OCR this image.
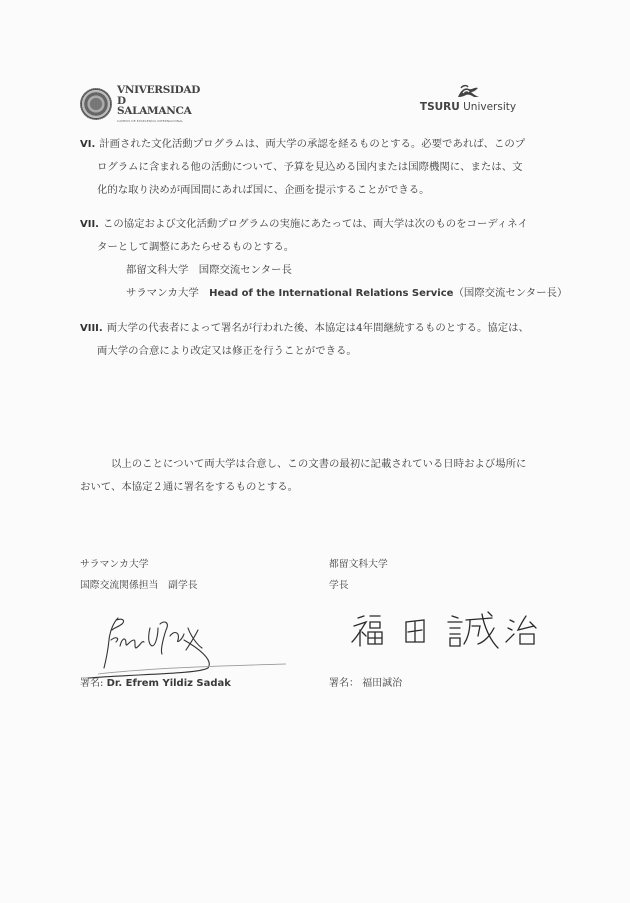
VNIVERSIDAD
D SALAMANCA
CAMPUS DE EXCELENCIA INTERNACIONAL
TSURU University
VI. 計画された文化活動プログラムは、両大学の承認を経るものとする。必要であれば、このプ
ログラムに含まれる他の活動について、予算を見込める国内または国際機関に、または、文
化的な取り決めが両国間にあれば国に、企画を提示することができる。
VII. この協定および文化活動プログラムの実施にあたっては、両大学は次のものをコーディネイ
ターとして調整にあたらせるものとする。
都留文科大学　 国際交流センター長
サラマンカ大学　 Head of the International Relations Service（国際交流センター長）
VIII. 両大学の代表者によって署名が行われた後、本協定は4年間継続するものとする。協定は、
両大学の合意により改定又は修正を行うことができる。
以上のことについて両大学は合意し、この文書の最初に記載されている日時および場所に
おいて、本協定２通に署名をするものとする。
サラマンカ大学
国際交流関係担当　副学長
署名: Dr. Efrem Yildiz Sadak
都留文科大学
学長
署名： 福田誠治
